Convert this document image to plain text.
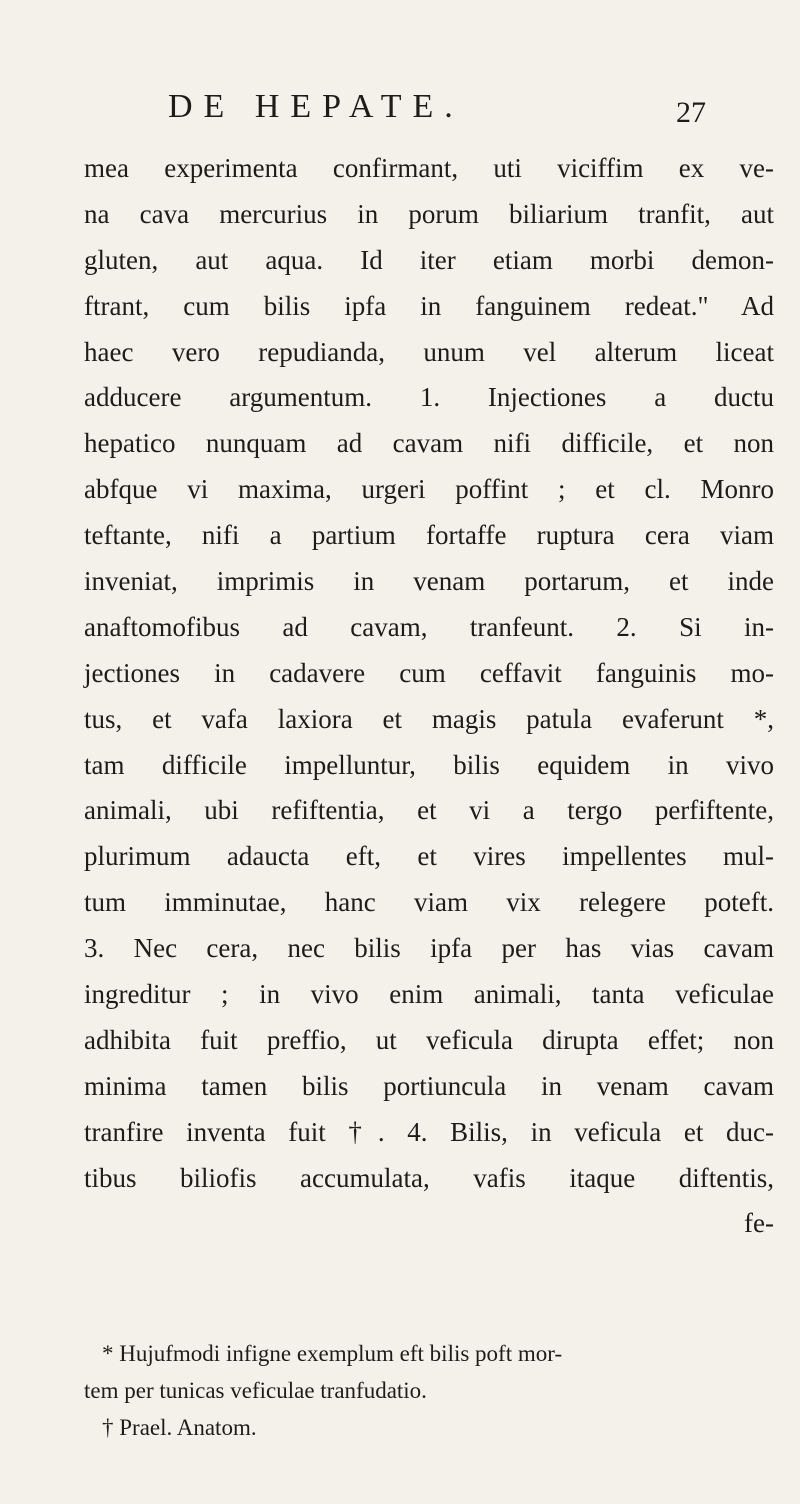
DE HEPATE.	27
mea experimenta confirmant, uti viciffim ex ve-
na cava mercurius in porum biliarium tranfit, aut
gluten, aut aqua. Id iter etiam morbi demon-
ftrant, cum bilis ipfa in fanguinem redeat." Ad
haec vero repudianda, unum vel alterum liceat
adducere argumentum. 1. Injectiones a ductu
hepatico nunquam ad cavam nifi difficile, et non
abfque vi maxima, urgeri poffint ; et cl. Monro
teftante, nifi a partium fortaffe ruptura cera viam
inveniat, imprimis in venam portarum, et inde
anaftomofibus ad cavam, tranfeunt. 2. Si in-
jectiones in cadavere cum ceffavit fanguinis mo-
tus, et vafa laxiora et magis patula evaferunt *,
tam difficile impelluntur, bilis equidem in vivo
animali, ubi refiftentia, et vi a tergo perfiftente,
plurimum adaucta eft, et vires impellentes mul-
tum imminutae, hanc viam vix relegere poteft.
3. Nec cera, nec bilis ipfa per has vias cavam
ingreditur ; in vivo enim animali, tanta veficulae
adhibita fuit preffio, ut veficula dirupta effet; non
minima tamen bilis portiuncula in venam cavam
tranfire inventa fuit †. 4. Bilis, in veficula et duc-
tibus biliofis accumulata, vafis itaque diftentis,
fe-
* Hujufmodi infigne exemplum eft bilis poft mor-
tem per tunicas veficulae tranfudatio.
† Prael. Anatom.
